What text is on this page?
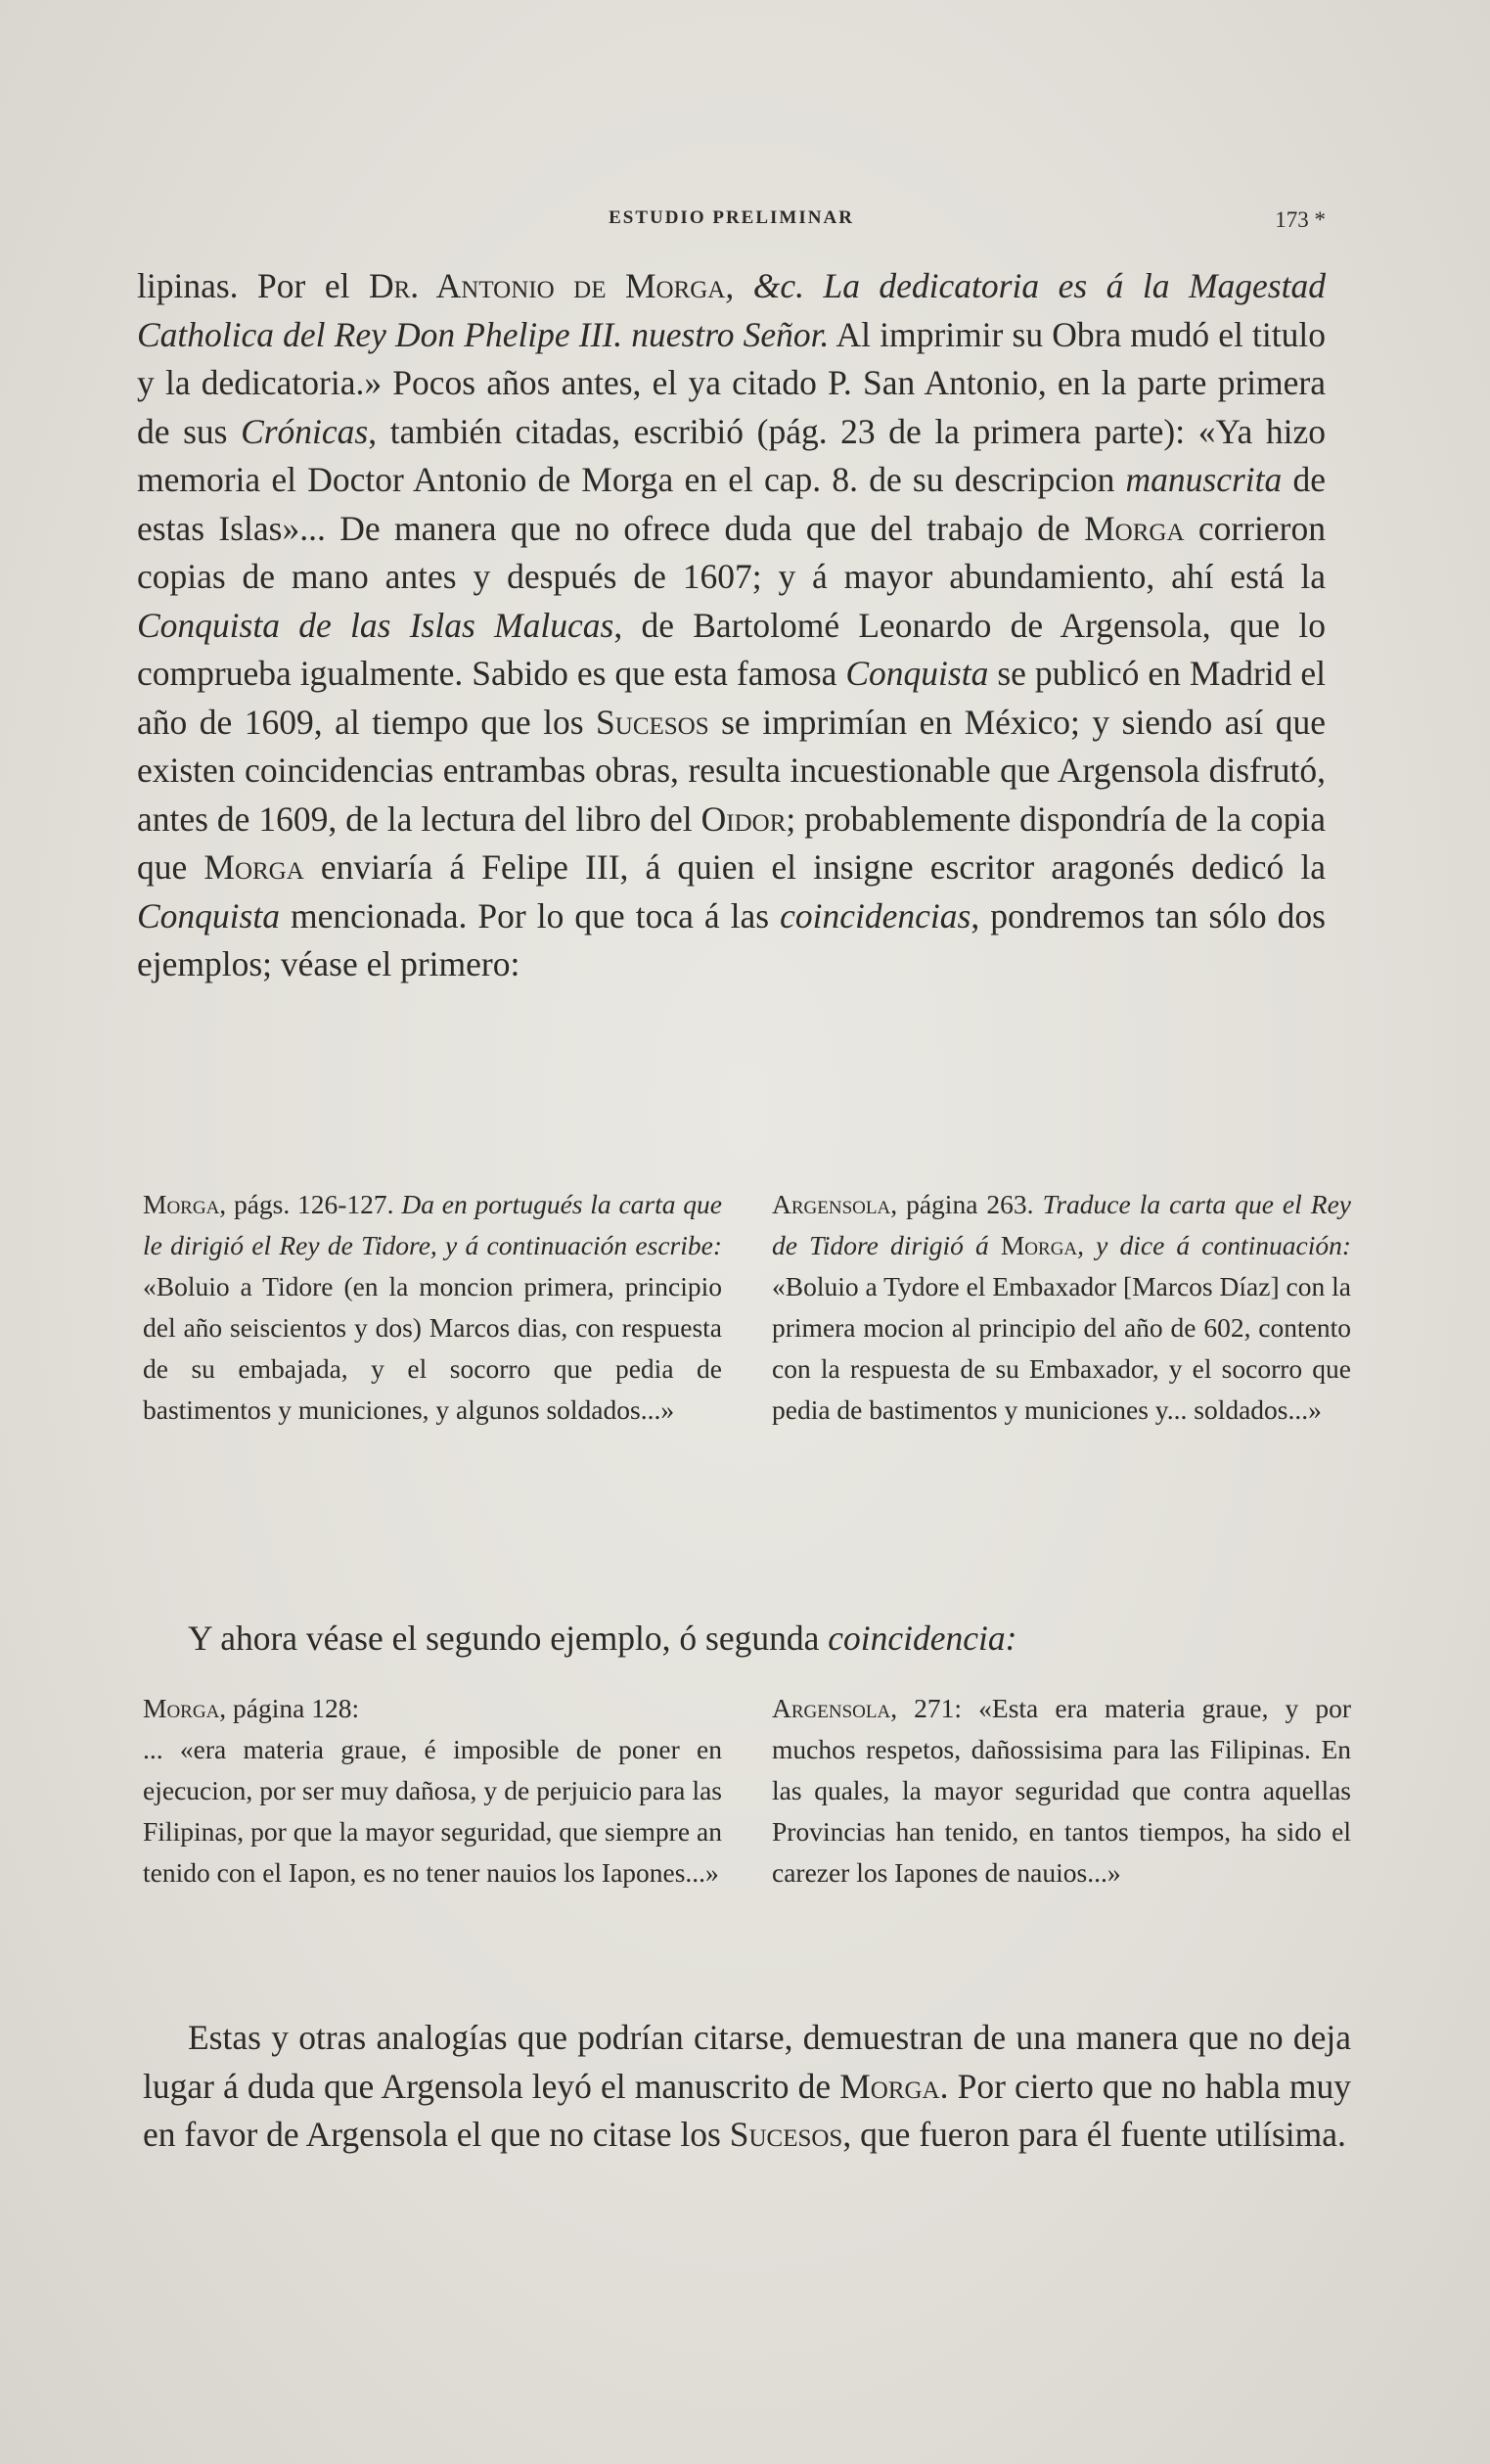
ESTUDIO PRELIMINAR	173 *

lipinas. Por el Dr. Antonio de Morga, &c. La dedicatoria es á la Magestad Catholica del Rey Don Phelipe III. nuestro Señor. Al imprimir su Obra mudó el titulo y la dedicatoria.» Pocos años antes, el ya citado P. San Antonio, en la parte primera de sus Crónicas, también citadas, escribió (pág. 23 de la primera parte): «Ya hizo memoria el Doctor Antonio de Morga en el cap. 8. de su descripcion manuscrita de estas Islas»... De manera que no ofrece duda que del trabajo de Morga corrieron copias de mano antes y después de 1607; y á mayor abundamiento, ahí está la Conquista de las Islas Malucas, de Bartolomé Leonardo de Argensola, que lo comprueba igualmente. Sabido es que esta famosa Conquista se publicó en Madrid el año de 1609, al tiempo que los Sucesos se imprimían en México; y siendo así que existen coincidencias entrambas obras, resulta incuestionable que Argensola disfrutó, antes de 1609, de la lectura del libro del Oidor; probablemente dispondría de la copia que Morga enviaría á Felipe III, á quien el insigne escritor aragonés dedicó la Conquista mencionada. Por lo que toca á las coincidencias, pondremos tan sólo dos ejemplos; véase el primero:

Morga, págs. 126-127. Da en portugués la carta que le dirigió el Rey de Tidore, y á continuación escribe: «Boluio a Tidore (en la moncion primera, principio del año seiscientos y dos) Marcos dias, con respuesta de su embajada, y el socorro que pedia de bastimentos y municiones, y algunos soldados...»

Argensola, página 263. Traduce la carta que el Rey de Tidore dirigió á Morga, y dice á continuación: «Boluio a Tydore el Embaxador [Marcos Díaz] con la primera mocion al principio del año de 602, contento con la respuesta de su Embaxador, y el socorro que pedia de bastimentos y municiones y... soldados...»

Y ahora véase el segundo ejemplo, ó segunda coincidencia:

Morga, página 128:
... «era materia graue, é imposible de poner en ejecucion, por ser muy dañosa, y de perjuicio para las Filipinas, por que la mayor seguridad, que siempre an tenido con el Iapon, es no tener nauios los Iapones...»

Argensola, 271: «Esta era materia graue, y por muchos respetos, dañossisima para las Filipinas. En las quales, la mayor seguridad que contra aquellas Provincias han tenido, en tantos tiempos, ha sido el carezer los Iapones de nauios...»

Estas y otras analogías que podrían citarse, demuestran de una manera que no deja lugar á duda que Argensola leyó el manuscrito de Morga. Por cierto que no habla muy en favor de Argensola el que no citase los Sucesos, que fueron para él fuente utilísima.
